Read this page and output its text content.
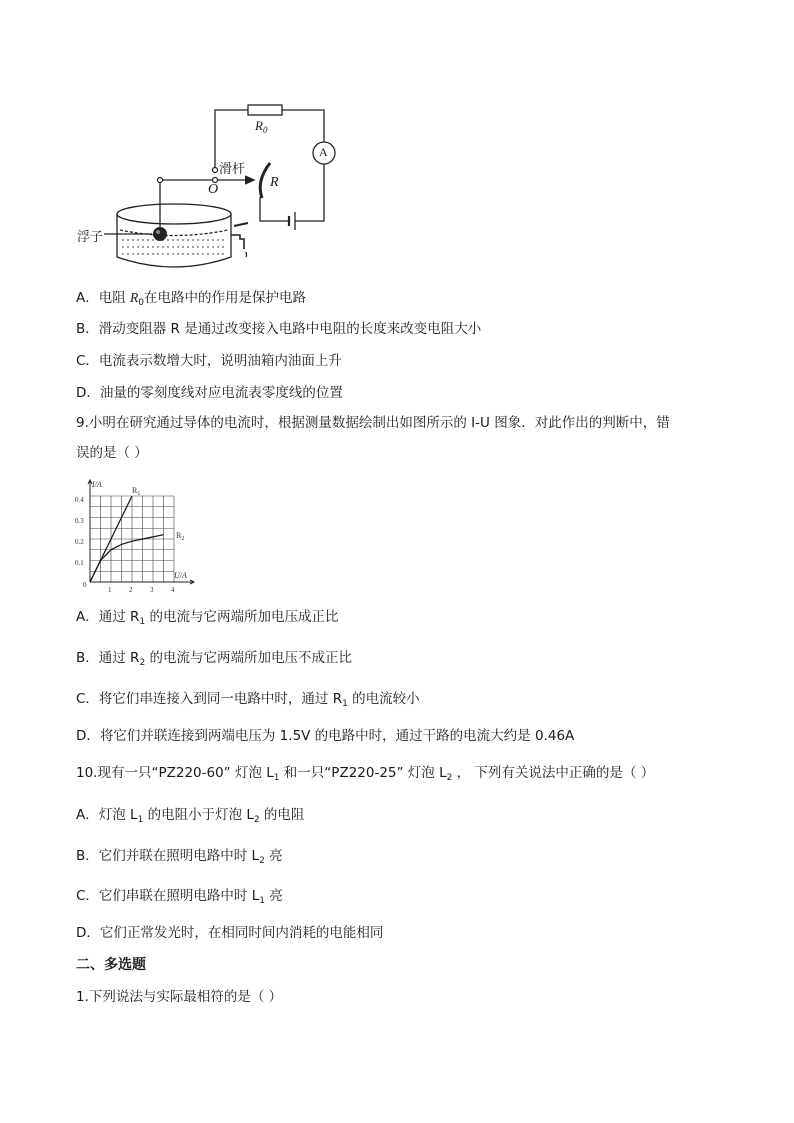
$R_0$
A
滑杆
O	R
浮子
A．电阻 $R_0$在电路中的作用是保护电路
B．滑动变阻器 R 是通过改变接入电路中电阻的长度来改变电阻大小
C．电流表示数增大时，说明油箱内油面上升
D．油量的零刻度线对应电流表零度线的位置
9.小明在研究通过导体的电流时，根据测量数据绘制出如图所示的 I-U 图象．对此作出的判断中，错
误的是（ ）
I/A
U/A
0
0.1
0.2
0.3
0.4
1	2	3	4
$R_1$
$R_2$
A．通过 $R_1$ 的电流与它两端所加电压成正比
B．通过 $R_2$ 的电流与它两端所加电压不成正比
C．将它们串连接入到同一电路中时，通过 $R_1$ 的电流较小
D．将它们并联连接到两端电压为 1.5V 的电路中时，通过干路的电流大约是 0.46A
10.现有一只“PZ220-60” 灯泡 $L_1$ 和一只“PZ220-25” 灯泡 $L_2$ ， 下列有关说法中正确的是（ ）
A．灯泡 $L_1$ 的电阻小于灯泡 $L_2$ 的电阻
B．它们并联在照明电路中时 $L_2$ 亮
C．它们串联在照明电路中时 $L_1$ 亮
D．它们正常发光时，在相同时间内消耗的电能相同
二、多选题
1.下列说法与实际最相符的是（ ）
